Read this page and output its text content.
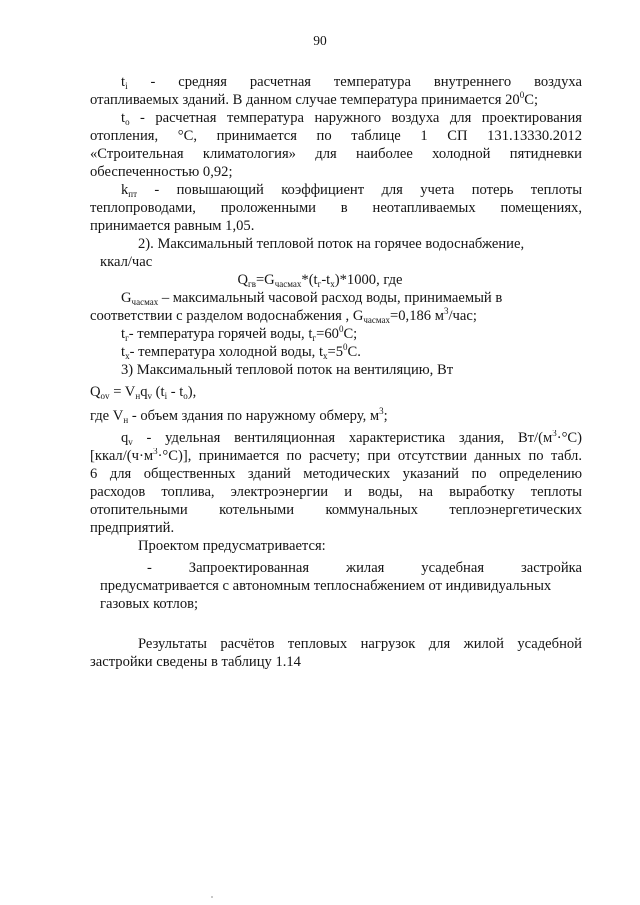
90
$t_i$ - средняя расчетная температура внутреннего воздуха
отапливаемых зданий. В данном случае температура принимается $20^0С$;
$t_o$ - расчетная температура наружного воздуха для проектирования
отопления, °С, принимается по таблице 1 СП 131.13330.2012
«Строительная климатология» для наиболее холодной пятидневки
обеспеченностью 0,92;
$k_{пт}$ - повышающий коэффициент для учета потерь теплоты
теплопроводами, проложенными в неотапливаемых помещениях,
принимается равным 1,05.
2). Максимальный тепловой поток на горячее водоснабжение,
ккал/час
$Q_{гв}=G_{часмах}*(t_г-t_х)*1000$, где
$G_{часмах}$ – максимальный часовой расход воды, принимаемый в
соответствии с разделом водоснабжения , $G_{часмах}=0,186$ $м^3$/час;
$t_г-$ температура горячей воды, $t_г=60^0С$;
$t_х-$ температура холодной воды, $t_х=5^0С$.
3) Максимальный тепловой поток на вентиляцию, Вт
$Q_{ov} = V_нq_v$ $(t_i - t_o)$,
где $V_н$ - объем здания по наружному обмеру, $м^3$;
$q_v$ - удельная вентиляционная характеристика здания, $Вт/(м^3\cdot^\circ С)$
$[ккал/(ч\cdot м^3\cdot^\circ С)]$, принимается по расчету; при отсутствии данных по табл.
6 для общественных зданий методических указаний по определению
расходов топлива, электроэнергии и воды, на выработку теплоты
отопительными котельными коммунальных теплоэнергетических
предприятий.
Проектом предусматривается:
-	Запроектированная	жилая	усадебная	застройка
предусматривается с автономным теплоснабжением от индивидуальных
газовых котлов;
Результаты расчётов тепловых нагрузок для жилой усадебной
застройки сведены в таблицу 1.14
